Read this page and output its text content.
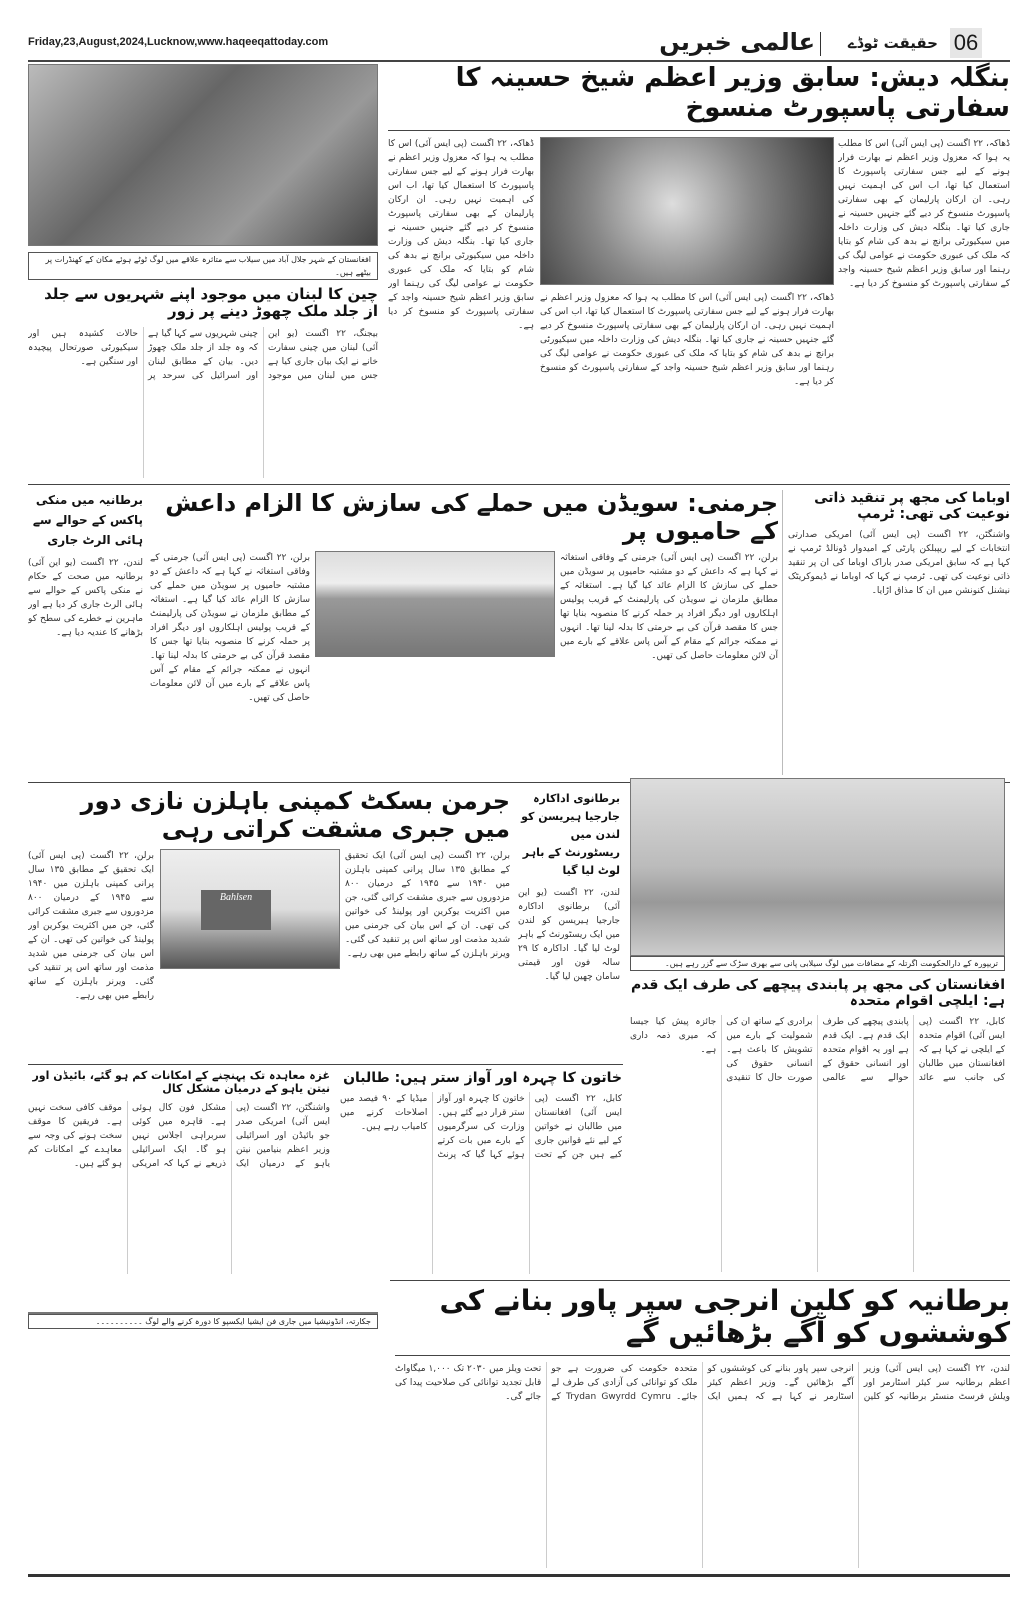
Friday,23,August,2024,Lucknow,www.haqeeqattoday.com	عالمی خبریں	حقیقت ٹوڈے 06
افغانستان کے شہر جلال آباد میں سیلاب سے متاثرہ علاقے میں لوگ ٹوٹے ہوئے مکان کے کھنڈرات پر بیٹھے ہیں۔
چین کا لبنان میں موجود اپنے شہریوں سے جلد از جلد ملک چھوڑ دینے پر زور
بیجنگ، ۲۲ اگست (یو این آئی) لبنان میں چینی سفارت خانے نے ایک بیان جاری کیا ہے جس میں لبنان میں موجود چینی شہریوں سے کہا گیا ہے کہ وہ جلد از جلد ملک چھوڑ دیں۔ بیان کے مطابق لبنان اور اسرائیل کی سرحد پر حالات کشیدہ ہیں اور سیکیورٹی صورتحال پیچیدہ اور سنگین ہے۔
بنگلہ دیش: سابق وزیر اعظم شیخ حسینہ کا سفارتی پاسپورٹ منسوخ
ڈھاکہ، ۲۲ اگست (پی ایس آئی) اس کا مطلب یہ ہوا کہ معزول وزیر اعظم نے بھارت فرار ہونے کے لیے جس سفارتی پاسپورٹ کا استعمال کیا تھا، اب اس کی اہمیت نہیں رہی۔ ان ارکان پارلیمان کے بھی سفارتی پاسپورٹ منسوخ کر دیے گئے جنہیں حسینہ نے جاری کیا تھا۔ بنگلہ دیش کی وزارت داخلہ میں سیکیورٹی برانچ نے بدھ کی شام کو بتایا کہ ملک کی عبوری حکومت نے عوامی لیگ کی رہنما اور سابق وزیر اعظم شیخ حسینہ واجد کے سفارتی پاسپورٹ کو منسوخ کر دیا ہے۔
ڈھاکہ، ۲۲ اگست (پی ایس آئی) اس کا مطلب یہ ہوا کہ معزول وزیر اعظم نے بھارت فرار ہونے کے لیے جس سفارتی پاسپورٹ کا استعمال کیا تھا، اب اس کی اہمیت نہیں رہی۔ ان ارکان پارلیمان کے بھی سفارتی پاسپورٹ منسوخ کر دیے گئے جنہیں حسینہ نے جاری کیا تھا۔ بنگلہ دیش کی وزارت داخلہ میں سیکیورٹی برانچ نے بدھ کی شام کو بتایا کہ ملک کی عبوری حکومت نے عوامی لیگ کی رہنما اور سابق وزیر اعظم شیخ حسینہ واجد کے سفارتی پاسپورٹ کو منسوخ کر دیا ہے۔
ڈھاکہ، ۲۲ اگست (پی ایس آئی) اس کا مطلب یہ ہوا کہ معزول وزیر اعظم نے بھارت فرار ہونے کے لیے جس سفارتی پاسپورٹ کا استعمال کیا تھا، اب اس کی اہمیت نہیں رہی۔ ان ارکان پارلیمان کے بھی سفارتی پاسپورٹ منسوخ کر دیے گئے جنہیں حسینہ نے جاری کیا تھا۔ بنگلہ دیش کی وزارت داخلہ میں سیکیورٹی برانچ نے بدھ کی شام کو بتایا کہ ملک کی عبوری حکومت نے عوامی لیگ کی رہنما اور سابق وزیر اعظم شیخ حسینہ واجد کے سفارتی پاسپورٹ کو منسوخ کر دیا ہے۔
اوباما کی مجھ پر تنقید ذاتی نوعیت کی تھی: ٹرمپ
واشنگٹن، ۲۲ اگست (پی ایس آئی) امریکی صدارتی انتخابات کے لیے ریپبلکن پارٹی کے امیدوار ڈونالڈ ٹرمپ نے کہا ہے کہ سابق امریکی صدر باراک اوباما کی ان پر تنقید ذاتی نوعیت کی تھی۔ ٹرمپ نے کہا کہ اوباما نے ڈیموکریٹک نیشنل کنونشن میں ان کا مذاق اڑایا۔
جرمنی: سویڈن میں حملے کی سازش کا الزام داعش کے حامیوں پر
برلن، ۲۲ اگست (پی ایس آئی) جرمنی کے وفاقی استغاثہ نے کہا ہے کہ داعش کے دو مشتبہ حامیوں پر سویڈن میں حملے کی سازش کا الزام عائد کیا گیا ہے۔ استغاثہ کے مطابق ملزمان نے سویڈن کی پارلیمنٹ کے قریب پولیس اہلکاروں اور دیگر افراد پر حملہ کرنے کا منصوبہ بنایا تھا جس کا مقصد قرآن کی بے حرمتی کا بدلہ لینا تھا۔ انہوں نے ممکنہ جرائم کے مقام کے آس پاس علاقے کے بارے میں آن لائن معلومات حاصل کی تھیں۔
برلن، ۲۲ اگست (پی ایس آئی) جرمنی کے وفاقی استغاثہ نے کہا ہے کہ داعش کے دو مشتبہ حامیوں پر سویڈن میں حملے کی سازش کا الزام عائد کیا گیا ہے۔ استغاثہ کے مطابق ملزمان نے سویڈن کی پارلیمنٹ کے قریب پولیس اہلکاروں اور دیگر افراد پر حملہ کرنے کا منصوبہ بنایا تھا جس کا مقصد قرآن کی بے حرمتی کا بدلہ لینا تھا۔ انہوں نے ممکنہ جرائم کے مقام کے آس پاس علاقے کے بارے میں آن لائن معلومات حاصل کی تھیں۔
برطانیہ میں منکی پاکس کے حوالے سے ہائی الرٹ جاری
لندن، ۲۲ اگست (یو این آئی) برطانیہ میں صحت کے حکام نے منکی پاکس کے حوالے سے ہائی الرٹ جاری کر دیا ہے اور ماہرین نے خطرے کی سطح کو بڑھانے کا عندیہ دیا ہے۔
جرمن بسکٹ کمپنی باہلزن نازی دور میں جبری مشقت کراتی رہی
برلن، ۲۲ اگست (پی ایس آئی) ایک تحقیق کے مطابق ۱۳۵ سال پرانی کمپنی باہلزن میں ۱۹۴۰ سے ۱۹۴۵ کے درمیان ۸۰۰ مزدوروں سے جبری مشقت کرائی گئی، جن میں اکثریت یوکرین اور پولینڈ کی خواتین کی تھی۔ ان کے اس بیان کی جرمنی میں شدید مذمت اور ساتھ اس پر تنقید کی گئی۔ ویرنر باہلزن کے ساتھ رابطے میں بھی رہے۔
Bahlsen
برلن، ۲۲ اگست (پی ایس آئی) ایک تحقیق کے مطابق ۱۳۵ سال پرانی کمپنی باہلزن میں ۱۹۴۰ سے ۱۹۴۵ کے درمیان ۸۰۰ مزدوروں سے جبری مشقت کرائی گئی، جن میں اکثریت یوکرین اور پولینڈ کی خواتین کی تھی۔ ان کے اس بیان کی جرمنی میں شدید مذمت اور ساتھ اس پر تنقید کی گئی۔ ویرنر باہلزن کے ساتھ رابطے میں بھی رہے۔
برطانوی اداکارہ جارجیا ہیریسن کو لندن میں ریسٹورنٹ کے باہر لوٹ لیا گیا
لندن، ۲۲ اگست (یو این آئی) برطانوی اداکارہ جارجیا ہیریسن کو لندن میں ایک ریسٹورنٹ کے باہر لوٹ لیا گیا۔ اداکارہ کا ۲۹ سالہ فون اور قیمتی سامان چھین لیا گیا۔
تریپورہ کے دارالحکومت اگرتلہ کے مضافات میں لوگ سیلابی پانی سے بھری سڑک سے گزر رہے ہیں۔
افغانستان کی مجھ پر پابندی پیچھے کی طرف ایک قدم ہے: ایلچی اقوام متحدہ
کابل، ۲۲ اگست (پی ایس آئی) اقوام متحدہ کے ایلچی نے کہا ہے کہ افغانستان میں طالبان کی جانب سے عائد پابندی پیچھے کی طرف ایک قدم ہے۔ ایک قدم ہے اور یہ اقوام متحدہ اور انسانی حقوق کے حوالے سے عالمی برادری کے ساتھ ان کی شمولیت کے بارے میں تشویش کا باعث ہے۔ انسانی حقوق کی صورت حال کا تنقیدی جائزہ پیش کیا جیسا کہ میری ذمہ داری ہے۔
خاتون کا چہرہ اور آواز ستر ہیں: طالبان
کابل، ۲۲ اگست (پی ایس آئی) افغانستان میں طالبان نے خواتین کے لیے نئے قوانین جاری کیے ہیں جن کے تحت خاتون کا چہرہ اور آواز ستر قرار دیے گئے ہیں۔ وزارت کی سرگرمیوں کے بارے میں بات کرتے ہوئے کہا گیا کہ پرنٹ میڈیا کے ۹۰ فیصد میں اصلاحات کرنے میں کامیاب رہے ہیں۔
غزہ معاہدہ تک پہنچنے کے امکانات کم ہو گئے، بائیڈن اور نیتن یاہو کے درمیان مشکل کال
واشنگٹن، ۲۲ اگست (پی ایس آئی) امریکی صدر جو بائیڈن اور اسرائیلی وزیر اعظم بنیامین نیتن یاہو کے درمیان ایک مشکل فون کال ہوئی ہے۔ قاہرہ میں کوئی سربراہی اجلاس نہیں ہو گا۔ ایک اسرائیلی ذریعے نے کہا کہ امریکی موقف کافی سخت نہیں ہے۔ فریقین کا موقف سخت ہونے کی وجہ سے معاہدے کے امکانات کم ہو گئے ہیں۔
برطانیہ کو کلین انرجی سپر پاور بنانے کی کوششوں کو آگے بڑھائیں گے
لندن، ۲۲ اگست (پی ایس آئی) وزیر اعظم برطانیہ سر کیئر اسٹارمر اور ویلش فرسٹ منسٹر برطانیہ کو کلین انرجی سپر پاور بنانے کی کوششوں کو آگے بڑھائیں گے۔ وزیر اعظم کیئر اسٹارمر نے کہا ہے کہ ہمیں ایک متحدہ حکومت کی ضرورت ہے جو ملک کو توانائی کی آزادی کی طرف لے جائے۔ Trydan Gwyrdd Cymru کے تحت ویلز میں ۲۰۳۰ تک ۱,۰۰۰ میگاواٹ قابل تجدید توانائی کی صلاحیت پیدا کی جائے گی۔
جکارتہ، انڈونیشیا میں جاری فن ایشیا ایکسپو کا دورہ کرنے والے لوگ ۔۔۔۔۔۔۔۔۔۔
